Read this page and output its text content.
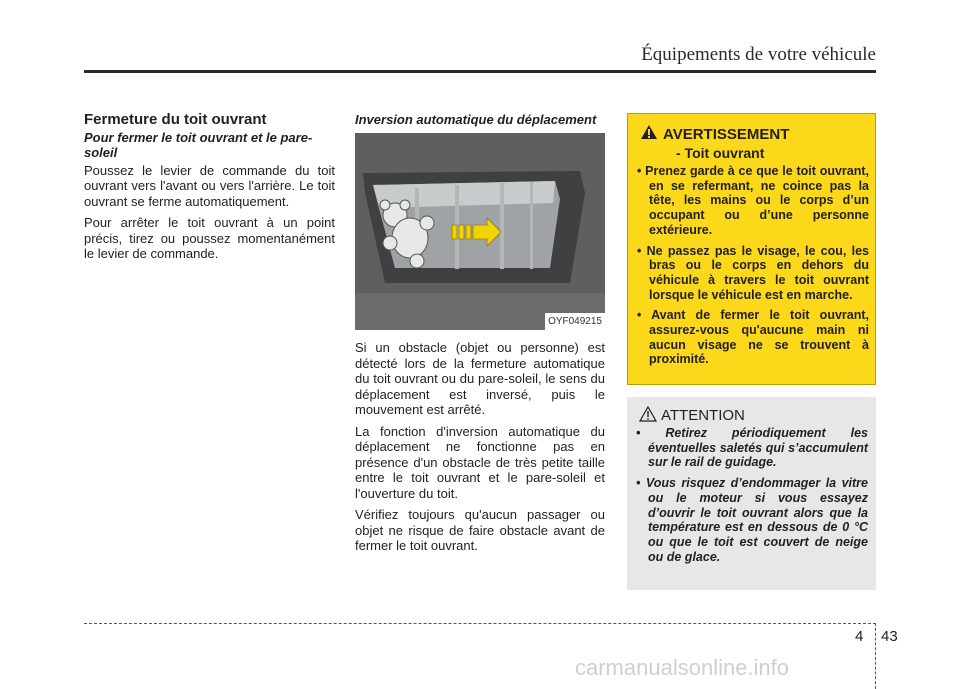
Équipements de votre véhicule
Fermeture du toit ouvrant
Pour fermer le toit ouvrant et le pare-soleil

Poussez le levier de commande du toit ouvrant vers l'avant ou vers l'arrière. Le toit ouvrant se ferme automatiquement.

Pour arrêter le toit ouvrant à un point précis, tirez ou poussez momentanément le levier de commande.

Inversion automatique du déplacement
OYF049215

Si un obstacle (objet ou personne) est détecté lors de la fermeture automatique du toit ouvrant ou du pare-soleil, le sens du déplacement est inversé, puis le mouvement est arrêté.

La fonction d'inversion automatique du déplacement ne fonctionne pas en présence d'un obstacle de très petite taille entre le toit ouvrant et le pare-soleil et l'ouverture du toit.

Vérifiez toujours qu'aucun passager ou objet ne risque de faire obstacle avant de fermer le toit ouvrant.

AVERTISSEMENT
- Toit ouvrant
• Prenez garde à ce que le toit ouvrant, en se refermant, ne coince pas la tête, les mains ou le corps d’un occupant ou d’une personne extérieure.
• Ne passez pas le visage, le cou, les bras ou le corps en dehors du véhicule à travers le toit ouvrant lorsque le véhicule est en marche.
• Avant de fermer le toit ouvrant, assurez-vous qu'aucune main ni aucun visage ne se trouvent à proximité.
ATTENTION
• Retirez périodiquement les éventuelles saletés qui s’accumulent sur le rail de guidage.
• Vous risquez d’endommager la vitre ou le moteur si vous essayez d’ouvrir le toit ouvrant alors que la température est en dessous de 0 °C ou que le toit est couvert de neige ou de glace.
4 43
carmanualsonline.info
